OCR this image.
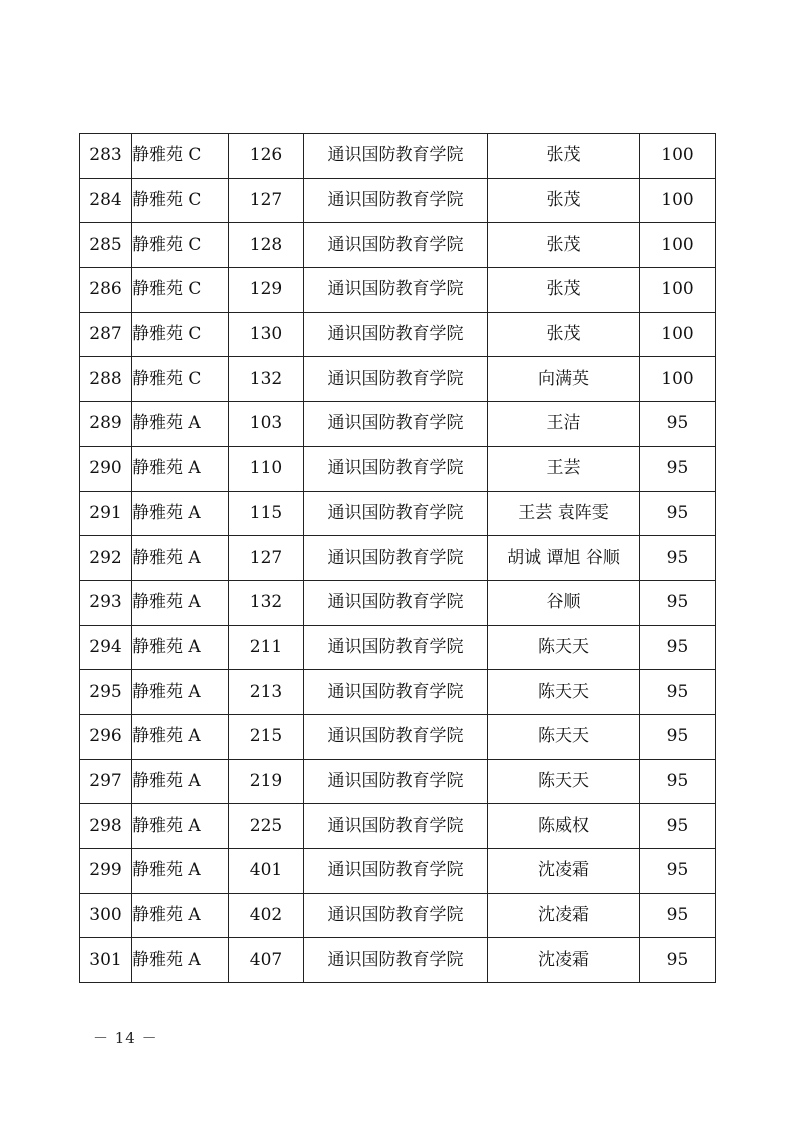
283	静雅苑 C	126	通识国防教育学院	张茂	100
284	静雅苑 C	127	通识国防教育学院	张茂	100
285	静雅苑 C	128	通识国防教育学院	张茂	100
286	静雅苑 C	129	通识国防教育学院	张茂	100
287	静雅苑 C	130	通识国防教育学院	张茂	100
288	静雅苑 C	132	通识国防教育学院	向满英	100
289	静雅苑 A	103	通识国防教育学院	王洁	95
290	静雅苑 A	110	通识国防教育学院	王芸	95
291	静雅苑 A	115	通识国防教育学院	王芸 袁阵雯	95
292	静雅苑 A	127	通识国防教育学院	胡诚 谭旭 谷顺	95
293	静雅苑 A	132	通识国防教育学院	谷顺	95
294	静雅苑 A	211	通识国防教育学院	陈天天	95
295	静雅苑 A	213	通识国防教育学院	陈天天	95
296	静雅苑 A	215	通识国防教育学院	陈天天	95
297	静雅苑 A	219	通识国防教育学院	陈天天	95
298	静雅苑 A	225	通识国防教育学院	陈威权	95
299	静雅苑 A	401	通识国防教育学院	沈凌霜	95
300	静雅苑 A	402	通识国防教育学院	沈凌霜	95
301	静雅苑 A	407	通识国防教育学院	沈凌霜	95
－ 14 －
